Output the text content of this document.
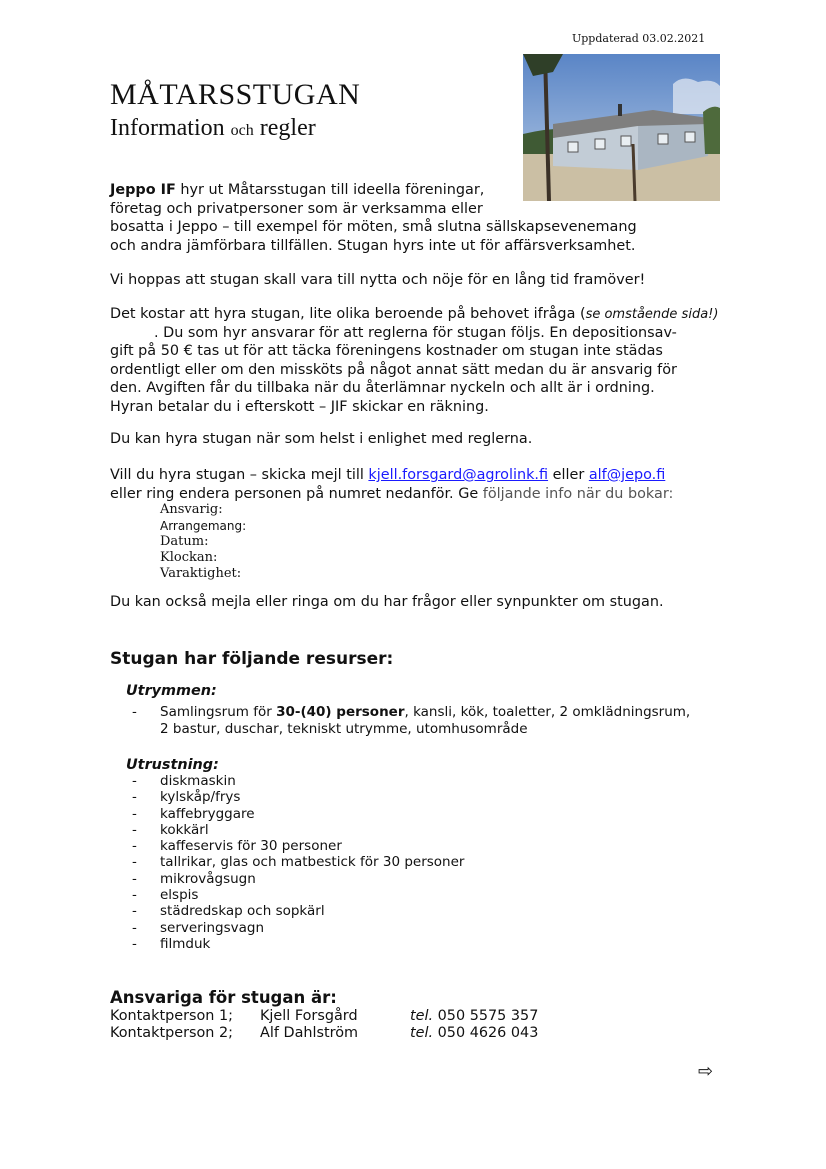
Uppdaterad 03.02.2021
MÅTARSSTUGAN
Information och regler
Jeppo IF hyr ut Måtarsstugan till ideella föreningar,
företag och privatpersoner som är verksamma eller
bosatta i Jeppo – till exempel för möten, små slutna sällskapsevenemang
och andra jämförbara tillfällen. Stugan hyrs inte ut för affärsverksamhet.
Vi hoppas att stugan skall vara till nytta och nöje för en lång tid framöver!
Det kostar att hyra stugan, lite olika beroende på behovet ifråga (se omstående sida!)
. Du som hyr ansvarar för att reglerna för stugan följs. En depositionsav-
gift på 50 € tas ut för att täcka föreningens kostnader om stugan inte städas
ordentligt eller om den missköts på något annat sätt medan du är ansvarig för
den. Avgiften får du tillbaka när du återlämnar nyckeln och allt är i ordning.
Hyran betalar du i efterskott – JIF skickar en räkning.
Du kan hyra stugan när som helst i enlighet med reglerna.
Vill du hyra stugan – skicka mejl till kjell.forsgard@agrolink.fi eller alf@jepo.fi
eller ring endera personen på numret nedanför. Ge följande info när du bokar:
Ansvarig:
Arrangemang:
Datum:
Klockan:
Varaktighet:
Du kan också mejla eller ringa om du har frågor eller synpunkter om stugan.
Stugan har följande resurser:
Utrymmen:
- Samlingsrum för 30-(40) personer, kansli, kök, toaletter, 2 omklädningsrum,
2 bastur, duschar, tekniskt utrymme, utomhusområde
Utrustning:
- diskmaskin
- kylskåp/frys
- kaffebryggare
- kokkärl
- kaffeservis för 30 personer
- tallrikar, glas och matbestick för 30 personer
- mikrovågsugn
- elspis
- städredskap och sopkärl
- serveringsvagn
- filmduk
Ansvariga för stugan är:
Kontaktperson 1; Kjell Forsgård	tel. 050 5575 357
Kontaktperson 2; Alf Dahlström	tel. 050 4626 043
⇨
